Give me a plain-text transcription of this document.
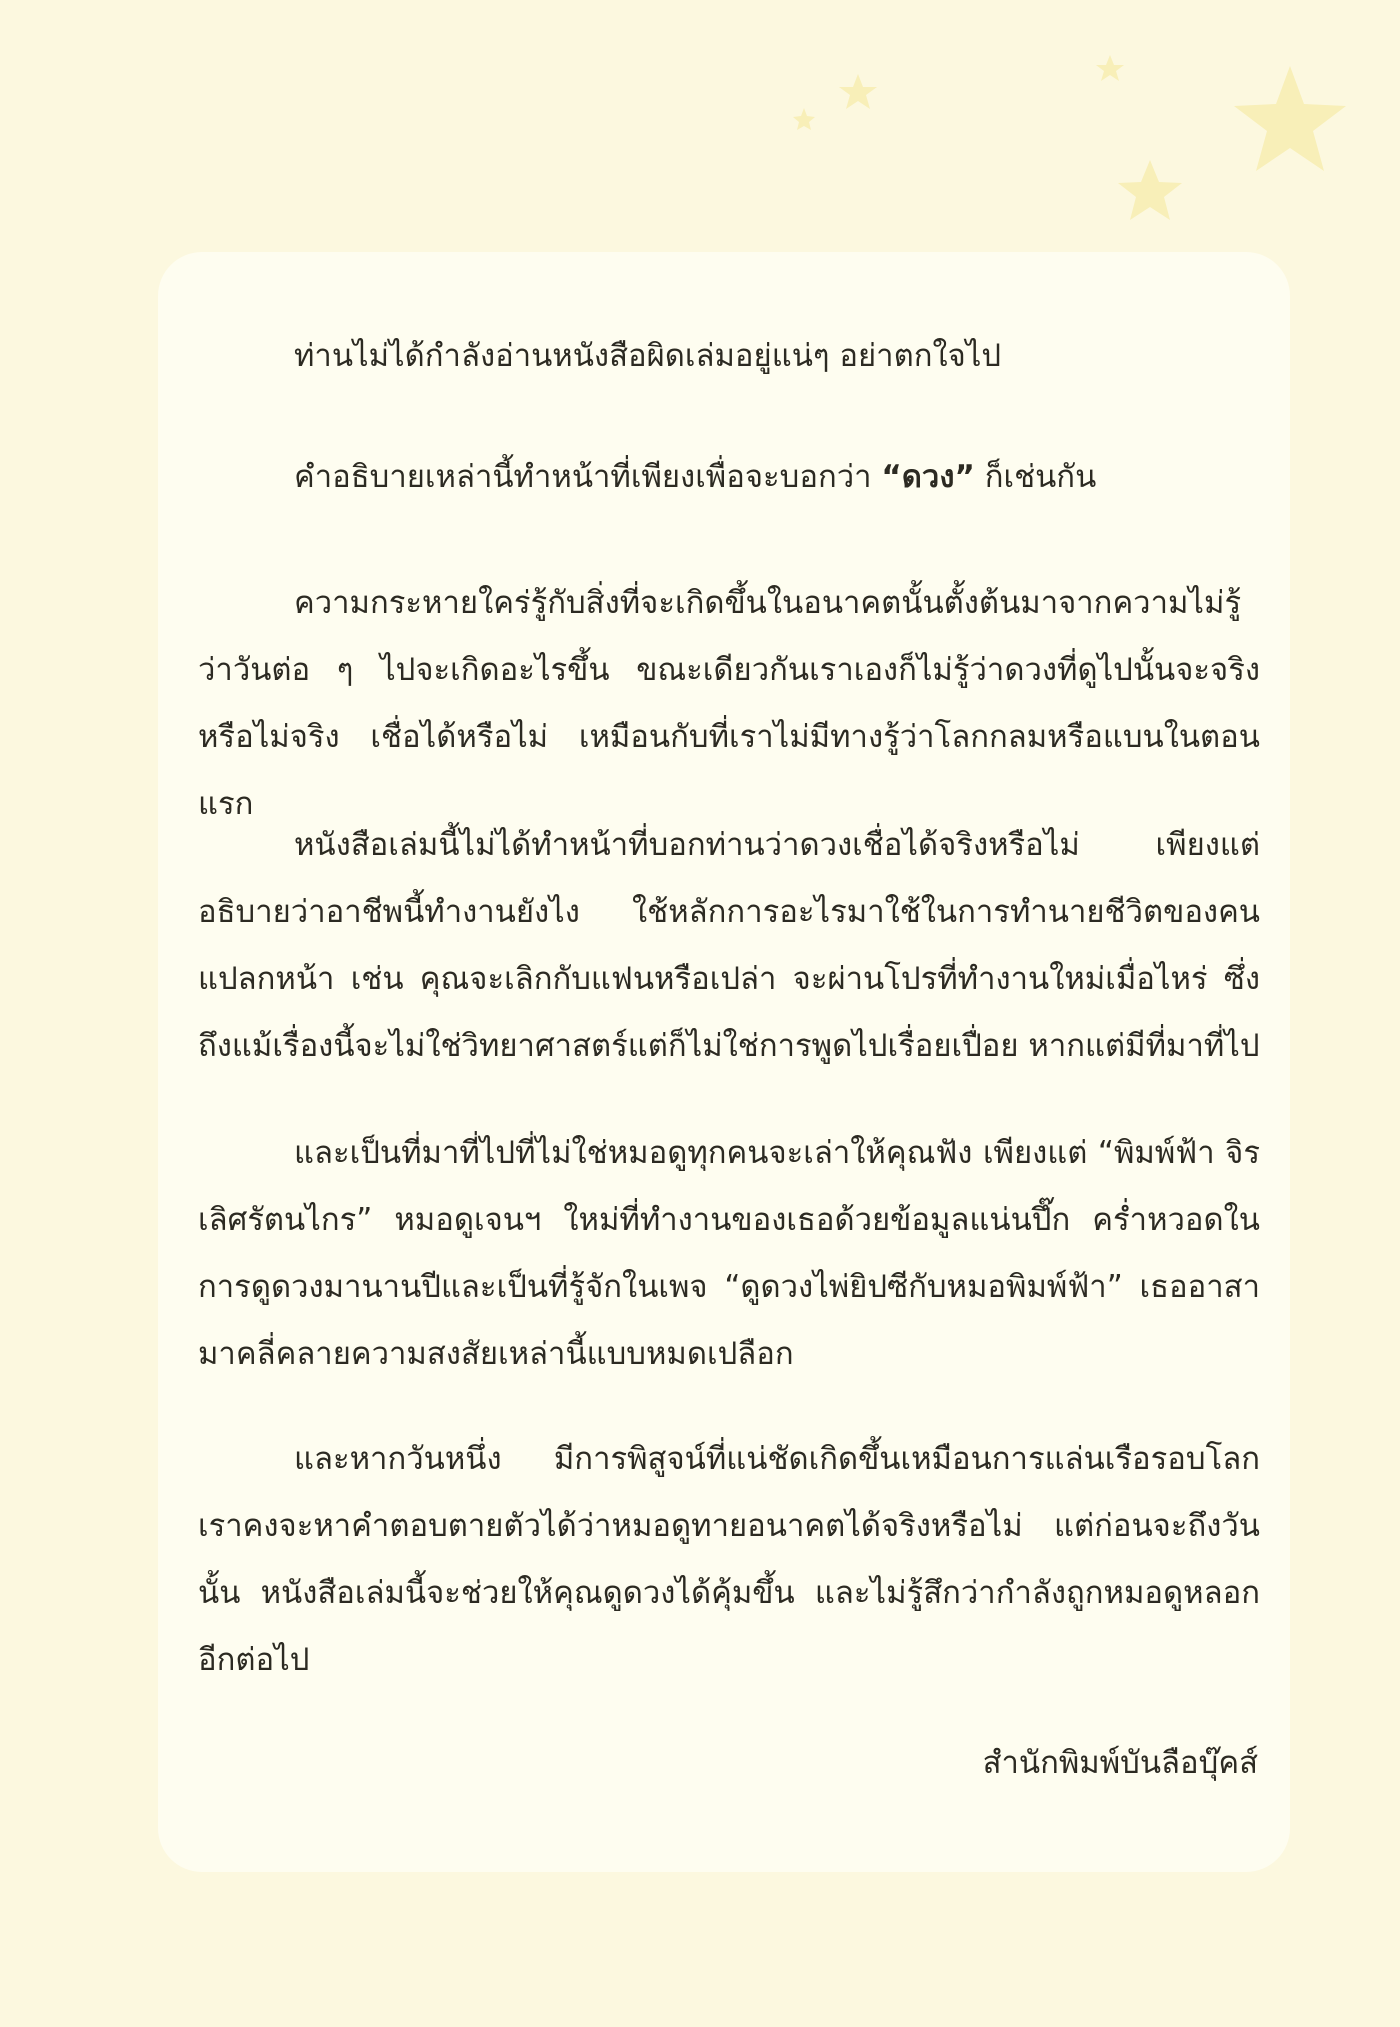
ท่านไม่ได้กำลังอ่านหนังสือผิดเล่มอยู่แน่ๆ อย่าตกใจไป

คำอธิบายเหล่านี้ทำหน้าที่เพียงเพื่อจะบอกว่า “ดวง” ก็เช่นกัน

ความกระหายใคร่รู้กับสิ่งที่จะเกิดขึ้นในอนาคตนั้นตั้งต้นมาจากความไม่รู้ว่าวันต่อ ๆ ไปจะเกิดอะไรขึ้น ขณะเดียวกันเราเองก็ไม่รู้ว่าดวงที่ดูไปนั้นจะจริงหรือไม่จริง เชื่อได้หรือไม่ เหมือนกับที่เราไม่มีทางรู้ว่าโลกกลมหรือแบนในตอนแรก

หนังสือเล่มนี้ไม่ได้ทำหน้าที่บอกท่านว่าดวงเชื่อได้จริงหรือไม่ เพียงแต่อธิบายว่าอาชีพนี้ทำงานยังไง ใช้หลักการอะไรมาใช้ในการทำนายชีวิตของคนแปลกหน้า เช่น คุณจะเลิกกับแฟนหรือเปล่า จะผ่านโปรที่ทำงานใหม่เมื่อไหร่ ซึ่งถึงแม้เรื่องนี้จะไม่ใช่วิทยาศาสตร์แต่ก็ไม่ใช่การพูดไปเรื่อยเปื่อย หากแต่มีที่มาที่ไป

และเป็นที่มาที่ไปที่ไม่ใช่หมอดูทุกคนจะเล่าให้คุณฟัง เพียงแต่ “พิมพ์ฟ้า จิรเลิศรัตนไกร” หมอดูเจนฯ ใหม่ที่ทำงานของเธอด้วยข้อมูลแน่นปึ๊ก คร่ำหวอดในการดูดวงมานานปีและเป็นที่รู้จักในเพจ “ดูดวงไพ่ยิปซีกับหมอพิมพ์ฟ้า” เธออาสามาคลี่คลายความสงสัยเหล่านี้แบบหมดเปลือก

และหากวันหนึ่ง มีการพิสูจน์ที่แน่ชัดเกิดขึ้นเหมือนการแล่นเรือรอบโลก เราคงจะหาคำตอบตายตัวได้ว่าหมอดูทายอนาคตได้จริงหรือไม่ แต่ก่อนจะถึงวันนั้น หนังสือเล่มนี้จะช่วยให้คุณดูดวงได้คุ้มขึ้น และไม่รู้สึกว่ากำลังถูกหมอดูหลอกอีกต่อไป

สำนักพิมพ์บันลือบุ๊คส์
